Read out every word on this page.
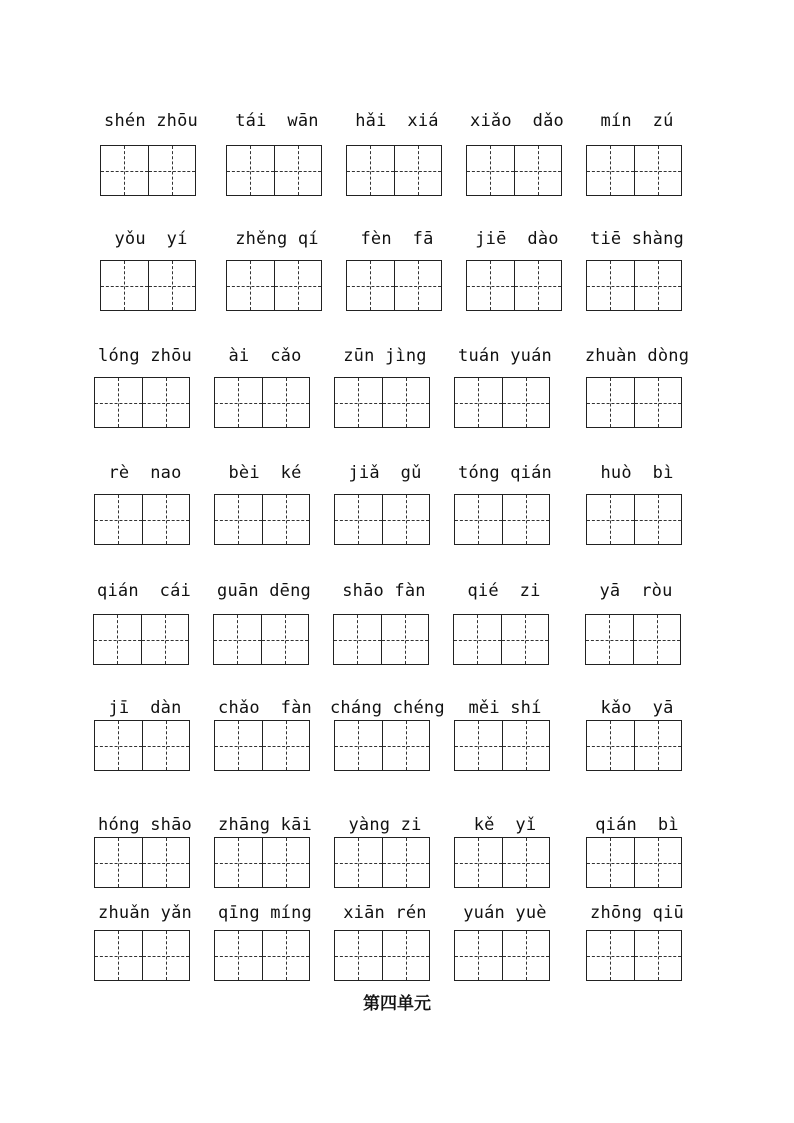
shén zhōu	tái  wān	hǎi  xiá	xiǎo  dǎo	mín  zú
yǒu  yí	zhěng qí	fèn  fā	jiē  dào	tiē shàng
lóng zhōu	ài  cǎo	zūn jìng	tuán yuán	zhuàn dòng
rè  nao	bèi  ké	jiǎ  gǔ	tóng qián	huò  bì
qián  cái	guān dēng	shāo fàn	qié  zi	yā  ròu
jī  dàn	chǎo  fàn	cháng chéng	měi shí	kǎo  yā
hóng shāo	zhāng kāi	yàng zi	kě  yǐ	qián  bì
zhuǎn yǎn	qīng míng	xiān rén	yuán yuè	zhōng qiū
第四单元
